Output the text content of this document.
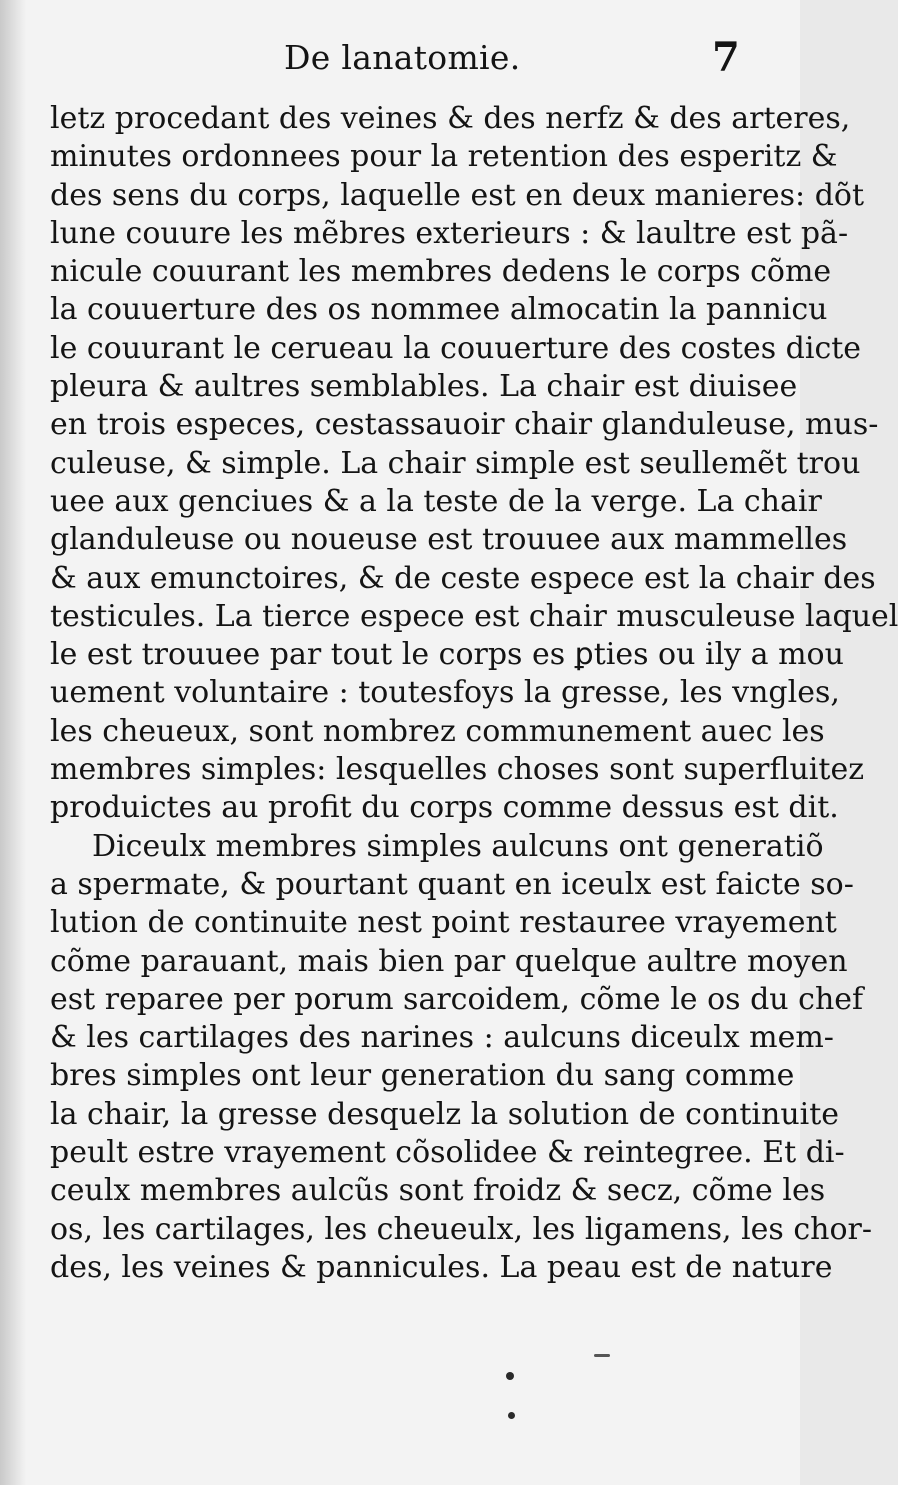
De lanatomie.	7
letz procedant des veines & des nerfz & des arteres,
minutes ordonnees pour la retention des esperitz &
des sens du corps, laquelle est en deux manieres: dõt
lune couure les mẽbres exterieurs : & laultre est pã-
nicule couurant les membres dedens le corps cõme
la couuerture des os nommee almocatin la pannicu
le couurant le cerueau la couuerture des costes dicte
pleura & aultres semblables. La chair est diuisee
en trois especes, cestassauoir chair glanduleuse, mus-
culeuse, & simple. La chair simple est seullemẽt trou
uee aux genciues & a la teste de la verge. La chair
glanduleuse ou noueuse est trouuee aux mammelles
& aux emunctoires, & de ceste espece est la chair des
testicules. La tierce espece est chair musculeuse laquel
le est trouuee par tout le corps es ꝑties ou ily a mou
uement voluntaire : toutesfoys la gresse, les vngles,
les cheueux, sont nombrez communement auec les
membres simples: lesquelles choses sont superfluitez
produictes au profit du corps comme dessus est dit.
Diceulx membres simples aulcuns ont generatiõ
a spermate, & pourtant quant en iceulx est faicte so-
lution de continuite nest point restauree vrayement
cõme parauant, mais bien par quelque aultre moyen
est reparee per porum sarcoidem, cõme le os du chef
& les cartilages des narines : aulcuns diceulx mem-
bres simples ont leur generation du sang comme
la chair, la gresse desquelz la solution de continuite
peult estre vrayement cõsolidee & reintegree. Et di-
ceulx membres aulcũs sont froidz & secz, cõme les
os, les cartilages, les cheueulx, les ligamens, les chor-
des, les veines & pannicules. La peau est de nature
